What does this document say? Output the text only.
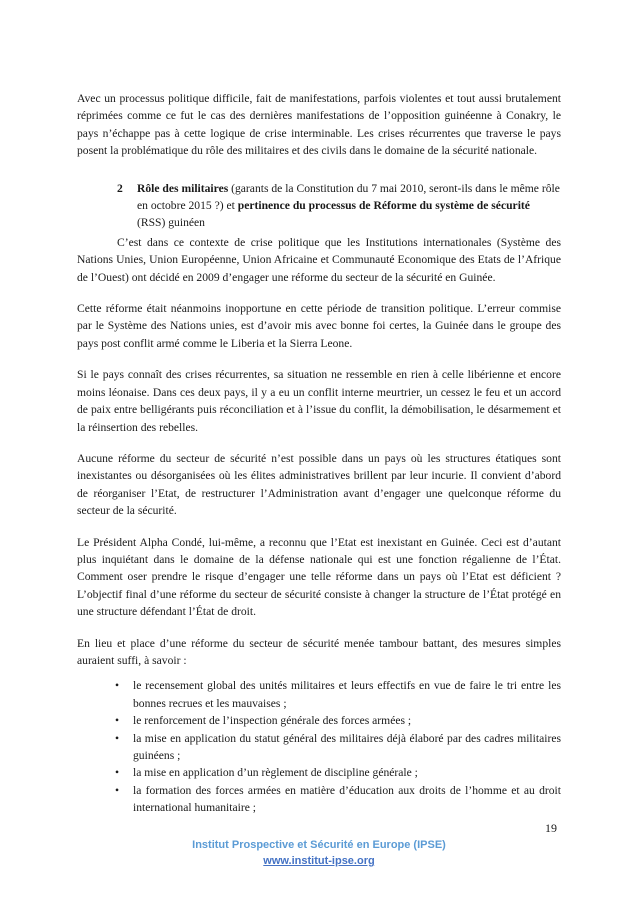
Avec un processus politique difficile, fait de manifestations, parfois violentes et tout aussi brutalement réprimées comme ce fut le cas des dernières manifestations de l’opposition guinéenne à Conakry, le pays n’échappe pas à cette logique de crise interminable. Les crises récurrentes que traverse le pays posent la problématique du rôle des militaires et des civils dans le domaine de la sécurité nationale.

2	Rôle des militaires (garants de la Constitution du 7 mai 2010, seront-ils dans le même rôle en octobre 2015 ?) et pertinence du processus de Réforme du système de sécurité (RSS) guinéen

C’est dans ce contexte de crise politique que les Institutions internationales (Système des Nations Unies, Union Européenne, Union Africaine et Communauté Economique des Etats de l’Afrique de l’Ouest) ont décidé en 2009 d’engager une réforme du secteur de la sécurité en Guinée.

Cette réforme était néanmoins inopportune en cette période de transition politique. L’erreur commise par le Système des Nations unies, est d’avoir mis avec bonne foi certes, la Guinée dans le groupe des pays post conflit armé comme le Liberia et la Sierra Leone.

Si le pays connaît des crises récurrentes, sa situation ne ressemble en rien à celle libérienne et encore moins léonaise. Dans ces deux pays, il y a eu un conflit interne meurtrier, un cessez le feu et un accord de paix entre belligérants puis réconciliation et à l’issue du conflit, la démobilisation, le désarmement et la réinsertion des rebelles.

Aucune réforme du secteur de sécurité n’est possible dans un pays où les structures étatiques sont inexistantes ou désorganisées où les élites administratives brillent par leur incurie. Il convient d’abord de réorganiser l’Etat, de restructurer l’Administration avant d’engager une quelconque réforme du secteur de la sécurité.

Le Président Alpha Condé, lui-même, a reconnu que l’Etat est inexistant en Guinée. Ceci est d’autant plus inquiétant dans le domaine de la défense nationale qui est une fonction régalienne de l’État. Comment oser prendre le risque d’engager une telle réforme dans un pays où l’Etat est déficient ? L’objectif final d’une réforme du secteur de sécurité consiste à changer la structure de l’État protégé en une structure défendant l’État de droit.

En lieu et place d’une réforme du secteur de sécurité menée tambour battant, des mesures simples auraient suffi, à savoir :

• le recensement global des unités militaires et leurs effectifs en vue de faire le tri entre les bonnes recrues et les mauvaises ;
• le renforcement de l’inspection générale des forces armées ;
• la mise en application du statut général des militaires déjà élaboré par des cadres militaires guinéens ;
• la mise en application d’un règlement de discipline générale ;
• la formation des forces armées en matière d’éducation aux droits de l’homme et au droit international humanitaire ;
19
Institut Prospective et Sécurité en Europe (IPSE)
www.institut-ipse.org
